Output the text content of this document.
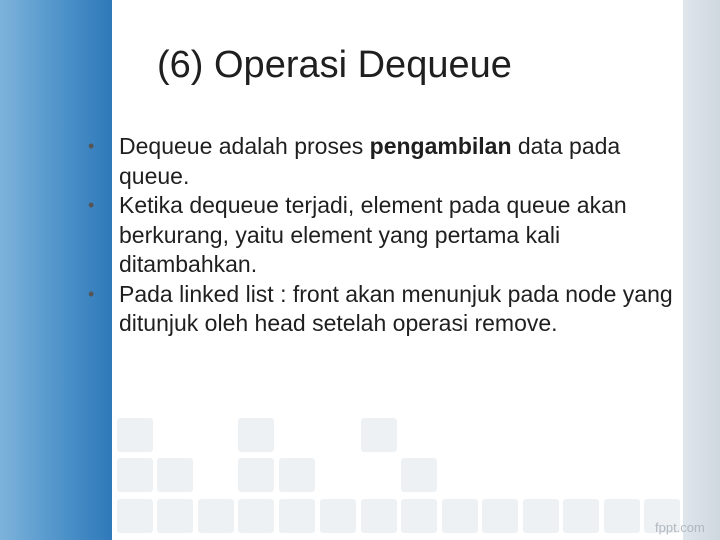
(6) Operasi Dequeue
•	Dequeue adalah proses pengambilan data pada queue.
•	Ketika dequeue terjadi, element pada queue akan berkurang, yaitu element yang pertama kali ditambahkan.
•	Pada linked list : front akan menunjuk pada node yang ditunjuk oleh head setelah operasi remove.
fppt.com
